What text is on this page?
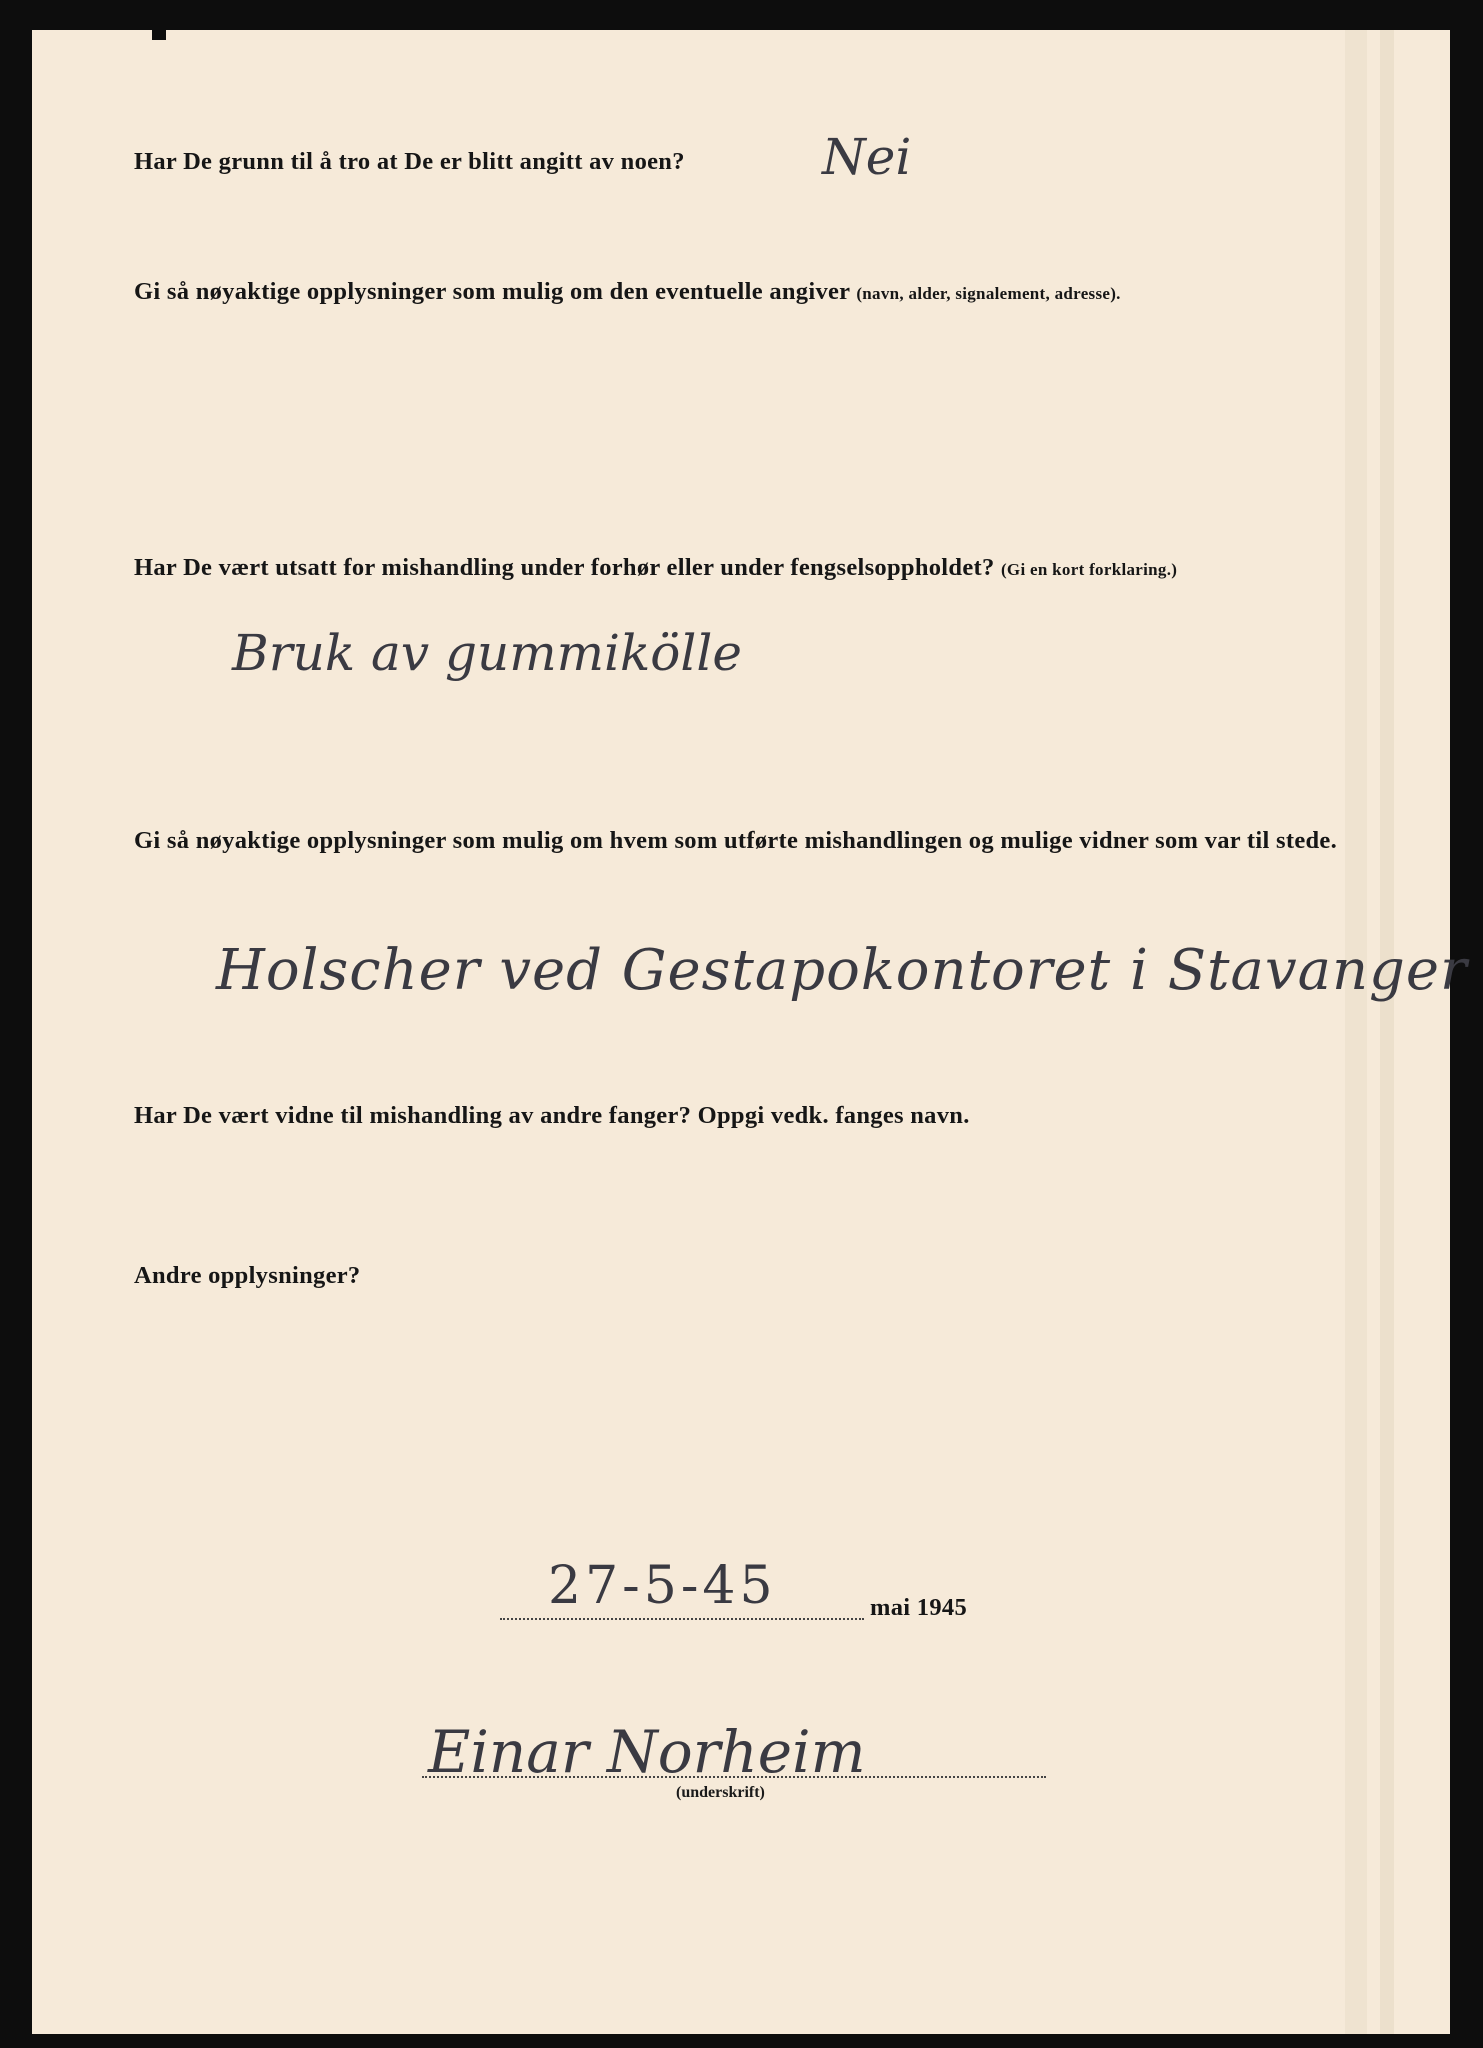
Har De grunn til å tro at De er blitt angitt av noen?	Nei
Gi så nøyaktige opplysninger som mulig om den eventuelle angiver (navn, alder, signalement, adresse).
Har De vært utsatt for mishandling under forhør eller under fengselsoppholdet? (Gi en kort forklaring.)
Bruk av gummikölle
Gi så nøyaktige opplysninger som mulig om hvem som utførte mishandlingen og mulige vidner som var til stede.
Holscher ved Gestapokontoret i Stavanger
Har De vært vidne til mishandling av andre fanger? Oppgi vedk. fanges navn.
Andre opplysninger?
27-5-45	mai 1945
Einar Norheim
(underskrift)
